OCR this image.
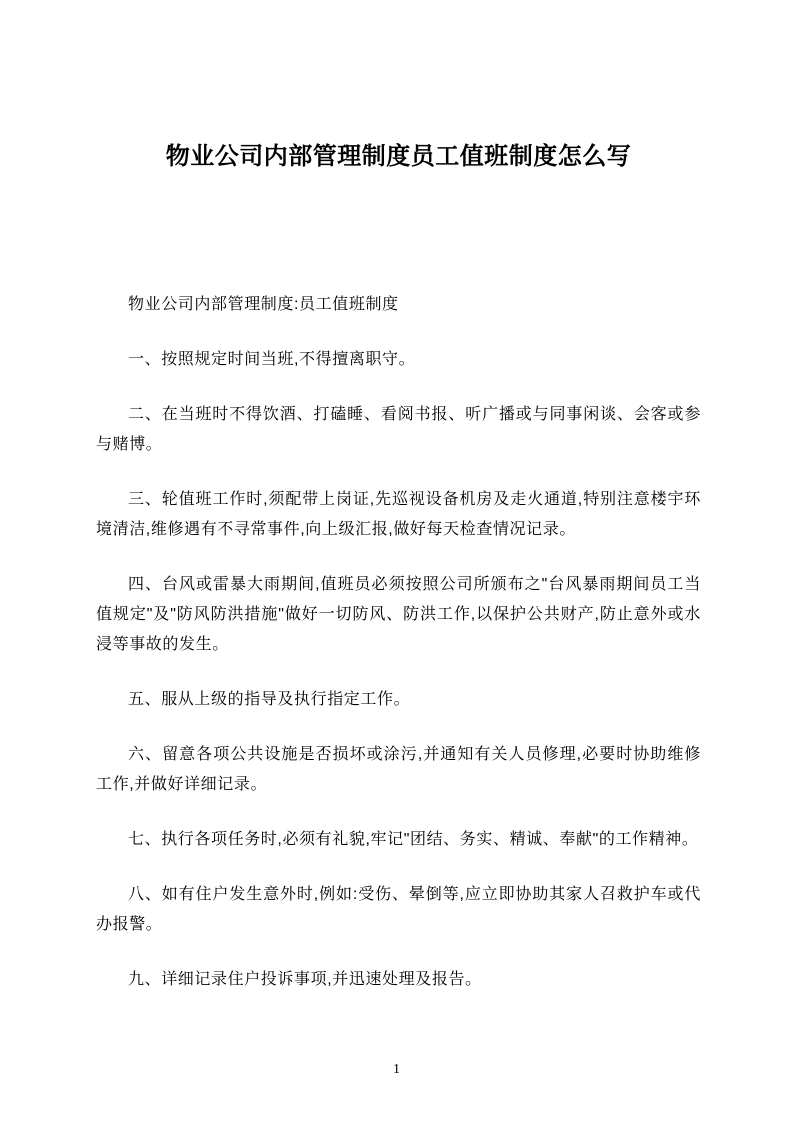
物业公司内部管理制度员工值班制度怎么写

物业公司内部管理制度:员工值班制度

一、按照规定时间当班,不得擅离职守。

二、在当班时不得饮酒、打磕睡、看阅书报、听广播或与同事闲谈、会客或参与赌博。

三、轮值班工作时,须配带上岗证,先巡视设备机房及走火通道,特别注意楼宇环境清洁,维修遇有不寻常事件,向上级汇报,做好每天检查情况记录。

四、台风或雷暴大雨期间,值班员必须按照公司所颁布之"台风暴雨期间员工当值规定"及"防风防洪措施"做好一切防风、防洪工作,以保护公共财产,防止意外或水浸等事故的发生。

五、服从上级的指导及执行指定工作。

六、留意各项公共设施是否损坏或涂污,并通知有关人员修理,必要时协助维修工作,并做好详细记录。

七、执行各项任务时,必须有礼貌,牢记"团结、务实、精诚、奉献"的工作精神。

八、如有住户发生意外时,例如:受伤、晕倒等,应立即协助其家人召救护车或代办报警。

九、详细记录住户投诉事项,并迅速处理及报告。

1
